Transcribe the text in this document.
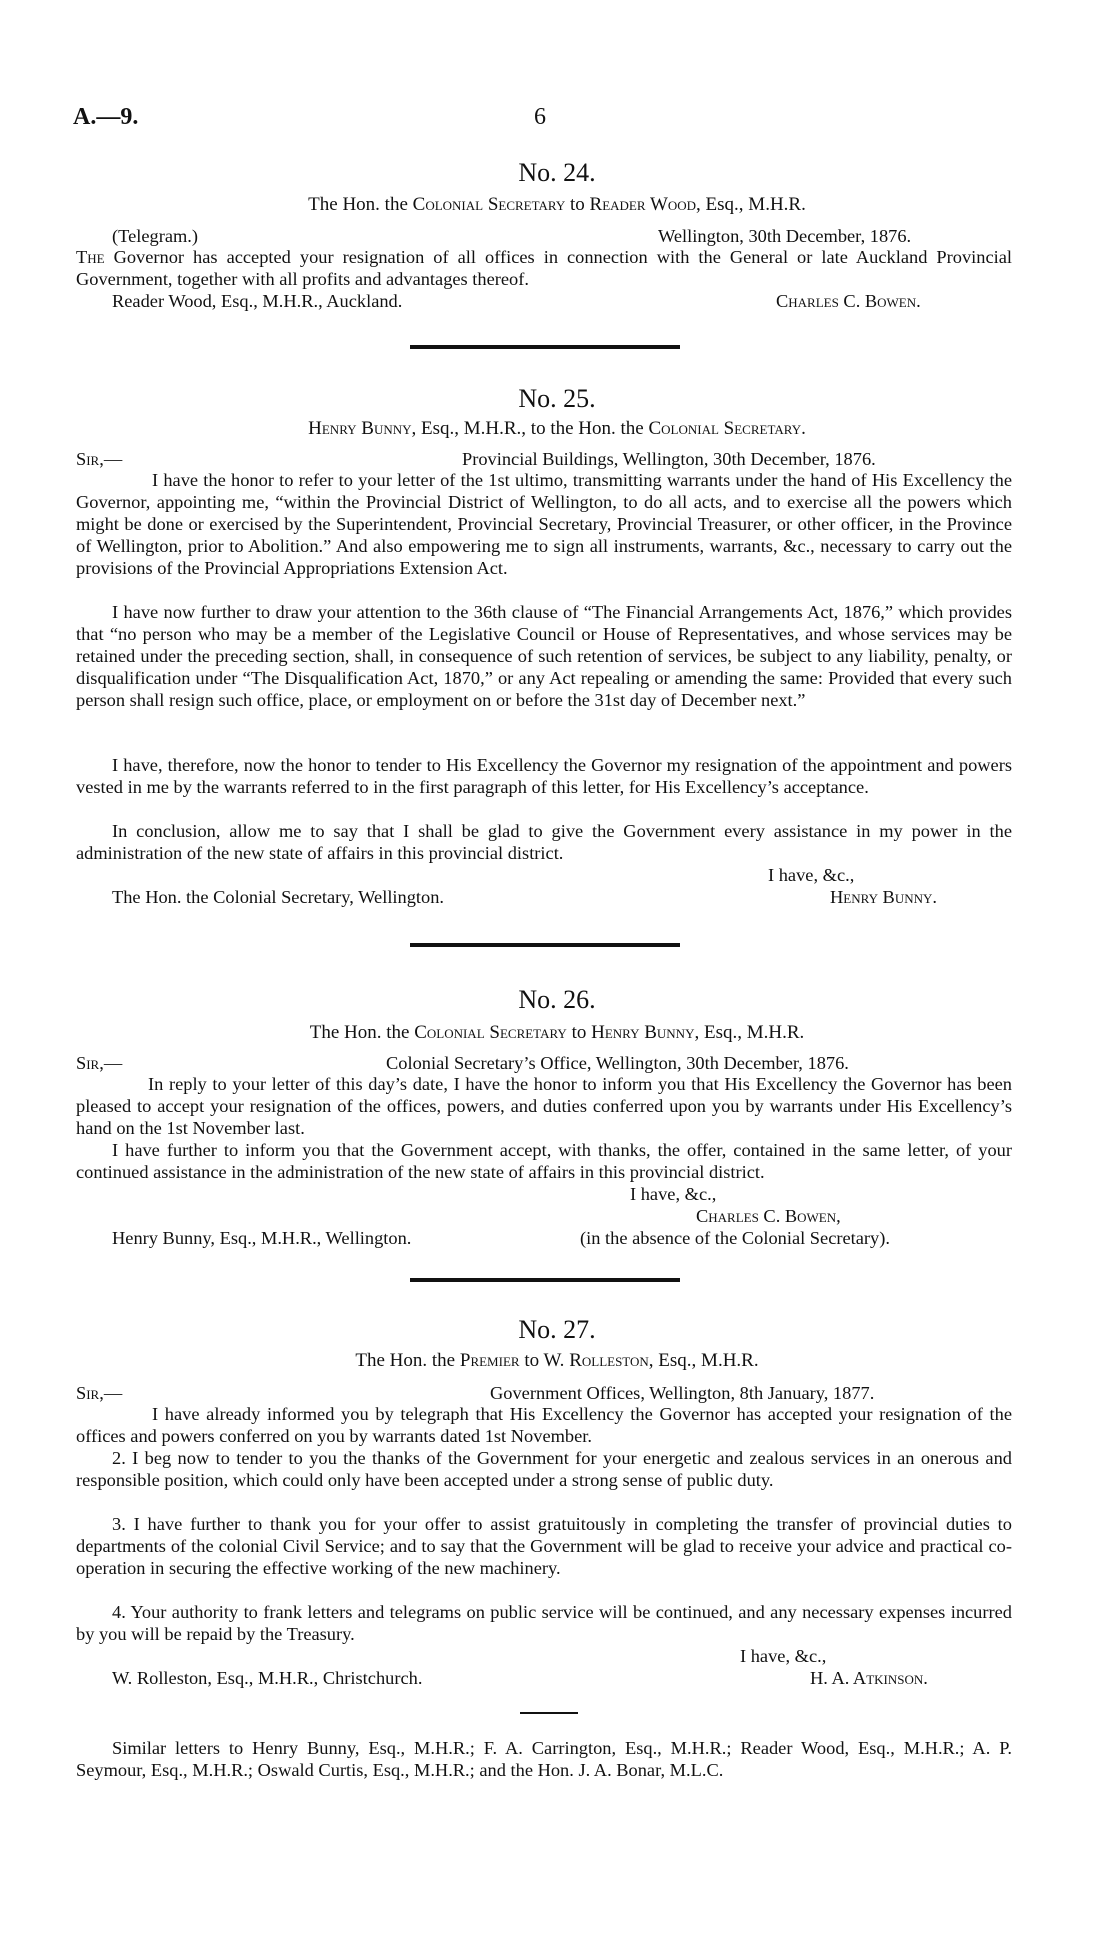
A.—9.	6
No. 24.
The Hon. the Colonial Secretary to Reader Wood, Esq., M.H.R.
(Telegram.)	Wellington, 30th December, 1876.
The Governor has accepted your resignation of all offices in connection with the General or late Auckland Provincial Government, together with all profits and advantages thereof.
Reader Wood, Esq., M.H.R., Auckland.	Charles C. Bowen.
No. 25.
Henry Bunny, Esq., M.H.R., to the Hon. the Colonial Secretary.
Sir,—	Provincial Buildings, Wellington, 30th December, 1876.
I have the honor to refer to your letter of the 1st ultimo, transmitting warrants under the hand of His Excellency the Governor, appointing me, “within the Provincial District of Wellington, to do all acts, and to exercise all the powers which might be done or exercised by the Superintendent, Provincial Secretary, Provincial Treasurer, or other officer, in the Province of Wellington, prior to Abolition.” And also empowering me to sign all instruments, warrants, &c., necessary to carry out the provisions of the Provincial Appropriations Extension Act.
I have now further to draw your attention to the 36th clause of “The Financial Arrangements Act, 1876,” which provides that “no person who may be a member of the Legislative Council or House of Representatives, and whose services may be retained under the preceding section, shall, in consequence of such retention of services, be subject to any liability, penalty, or disqualification under “The Disqualification Act, 1870,” or any Act repealing or amending the same: Provided that every such person shall resign such office, place, or employment on or before the 31st day of December next.”
I have, therefore, now the honor to tender to His Excellency the Governor my resignation of the appointment and powers vested in me by the warrants referred to in the first paragraph of this letter, for His Excellency’s acceptance.
In conclusion, allow me to say that I shall be glad to give the Government every assistance in my power in the administration of the new state of affairs in this provincial district.
I have, &c.,
The Hon. the Colonial Secretary, Wellington.	Henry Bunny.
No. 26.
The Hon. the Colonial Secretary to Henry Bunny, Esq., M.H.R.
Sir,—	Colonial Secretary’s Office, Wellington, 30th December, 1876.
In reply to your letter of this day’s date, I have the honor to inform you that His Excellency the Governor has been pleased to accept your resignation of the offices, powers, and duties conferred upon you by warrants under His Excellency’s hand on the 1st November last.
I have further to inform you that the Government accept, with thanks, the offer, contained in the same letter, of your continued assistance in the administration of the new state of affairs in this provincial district.
I have, &c.,
Charles C. Bowen,
Henry Bunny, Esq., M.H.R., Wellington.	(in the absence of the Colonial Secretary).
No. 27.
The Hon. the Premier to W. Rolleston, Esq., M.H.R.
Sir,—	Government Offices, Wellington, 8th January, 1877.
I have already informed you by telegraph that His Excellency the Governor has accepted your resignation of the offices and powers conferred on you by warrants dated 1st November.
2. I beg now to tender to you the thanks of the Government for your energetic and zealous services in an onerous and responsible position, which could only have been accepted under a strong sense of public duty.
3. I have further to thank you for your offer to assist gratuitously in completing the transfer of provincial duties to departments of the colonial Civil Service; and to say that the Government will be glad to receive your advice and practical co-operation in securing the effective working of the new machinery.
4. Your authority to frank letters and telegrams on public service will be continued, and any necessary expenses incurred by you will be repaid by the Treasury.
I have, &c.,
W. Rolleston, Esq., M.H.R., Christchurch.	H. A. Atkinson.
Similar letters to Henry Bunny, Esq., M.H.R.; F. A. Carrington, Esq., M.H.R.; Reader Wood, Esq., M.H.R.; A. P. Seymour, Esq., M.H.R.; Oswald Curtis, Esq., M.H.R.; and the Hon. J. A. Bonar, M.L.C.
